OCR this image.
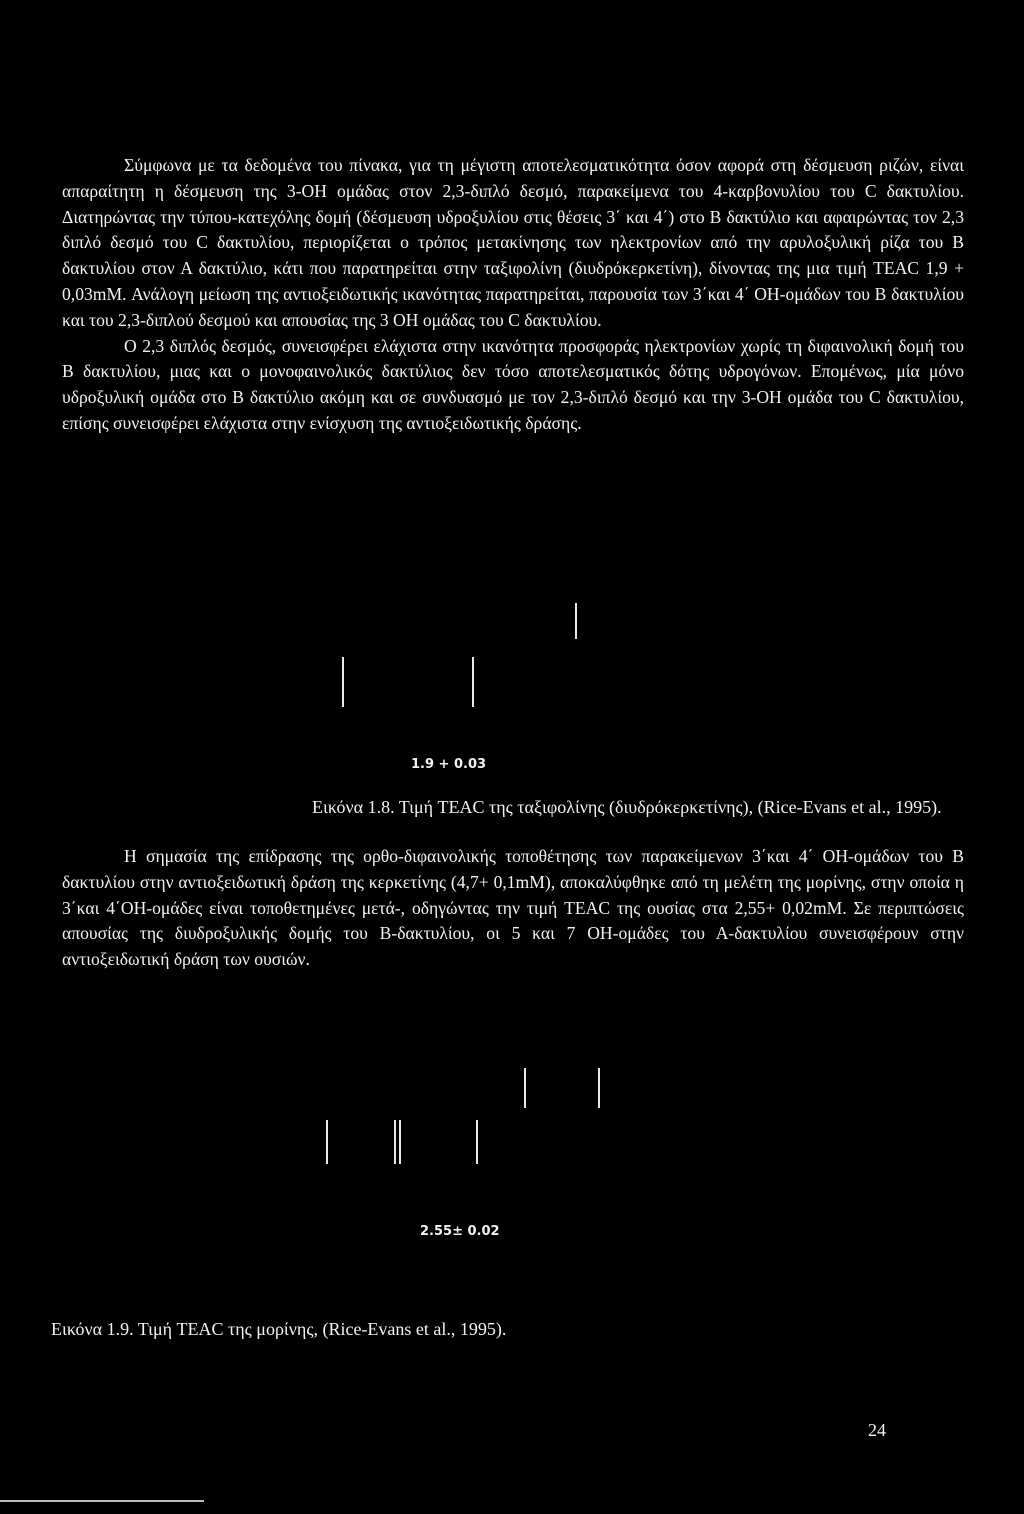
Σύμφωνα με τα δεδομένα του πίνακα, για τη μέγιστη αποτελεσματικότητα όσον αφορά στη δέσμευση ριζών, είναι απαραίτητη η δέσμευση της 3-ΟΗ ομάδας στον 2,3-διπλό δεσμό, παρακείμενα του 4-καρβονυλίου του C δακτυλίου. Διατηρώντας την τύπου-κατεχόλης δομή (δέσμευση υδροξυλίου στις θέσεις 3΄ και 4΄) στο Β δακτύλιο και αφαιρώντας τον 2,3 διπλό δεσμό του C δακτυλίου, περιορίζεται ο τρόπος μετακίνησης των ηλεκτρονίων από την αρυλοξυλική ρίζα του Β δακτυλίου στον Α δακτύλιο, κάτι που παρατηρείται στην ταξιφολίνη (διυδρόκερκετίνη), δίνοντας της μια τιμή TEAC 1,9 + 0,03mM. Ανάλογη μείωση της αντιοξειδωτικής ικανότητας παρατηρείται, παρουσία των 3΄και 4΄ ΟΗ-ομάδων του Β δακτυλίου και του 2,3-διπλού δεσμού και απουσίας της 3 ΟΗ ομάδας του C δακτυλίου.

Ο 2,3 διπλός δεσμός, συνεισφέρει ελάχιστα στην ικανότητα προσφοράς ηλεκτρονίων χωρίς τη διφαινολική δομή του Β δακτυλίου, μιας και ο μονοφαινολικός δακτύλιος δεν τόσο αποτελεσματικός δότης υδρογόνων. Επομένως, μία μόνο υδροξυλική ομάδα στο Β δακτύλιο ακόμη και σε συνδυασμό με τον 2,3-διπλό δεσμό και την 3-ΟΗ ομάδα του C δακτυλίου, επίσης συνεισφέρει ελάχιστα στην ενίσχυση της αντιοξειδωτικής δράσης.

1.9 + 0.03
Εικόνα 1.8. Τιμή TEAC της ταξιφολίνης (διυδρόκερκετίνης), (Rice-Evans et al., 1995).

Η σημασία της επίδρασης της ορθο-διφαινολικής τοποθέτησης των παρακείμενων 3΄και 4΄ ΟΗ-ομάδων του Β δακτυλίου στην αντιοξειδωτική δράση της κερκετίνης (4,7+ 0,1mM), αποκαλύφθηκε από τη μελέτη της μορίνης, στην οποία η 3΄και 4΄ΟΗ-ομάδες είναι τοποθετημένες μετά-, οδηγώντας την τιμή TEAC της ουσίας στα 2,55+ 0,02mM. Σε περιπτώσεις απουσίας της διυδροξυλικής δομής του Β-δακτυλίου, οι 5 και 7 ΟΗ-ομάδες του Α-δακτυλίου συνεισφέρουν στην αντιοξειδωτική δράση των ουσιών.

2.55± 0.02
Εικόνα 1.9. Τιμή TEAC της μορίνης, (Rice-Evans et al., 1995).
24
